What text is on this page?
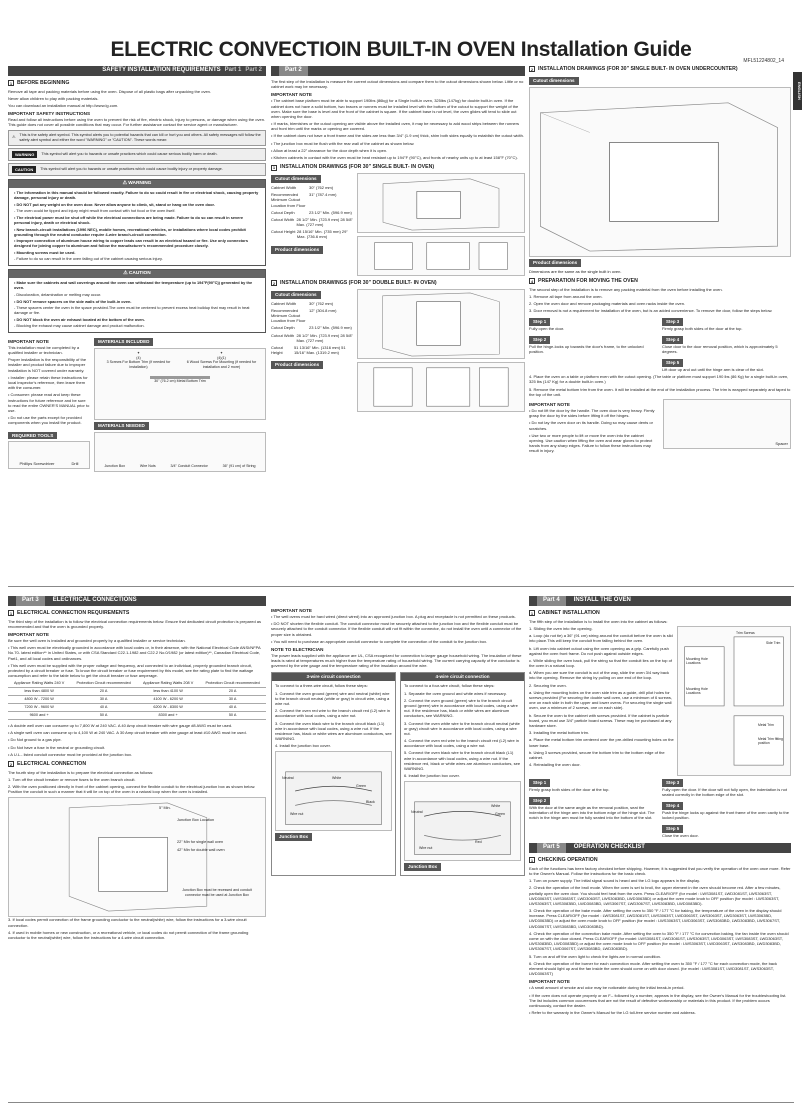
ELECTRIC CONVECTIOIN BUILT-IN OVEN Installation Guide	MFL51224802_14
ENGLISH
SAFETY INSTALLATION REQUIREMENTS Part 1 Part 2
1 BEFORE BEGINNING

Remove all tape and packing materials before using the oven. Dispose of all plastic bags after unpacking the oven.

Never allow children to play with packing materials.

You can download an installation manual at http://www.lg.com.

IMPORTANT SAFETY INSTRUCTIONS

Read and follow all instructions before using the oven to prevent the risk of fire, electric shock, injury to persons, or damage when using the oven. This guide does not cover all possible conditions that may occur. For further assistance contact the service agent or manufacturer.

⚠
This is the safety alert symbol. This symbol alerts you to potential hazards that can kill or hurt you and others. All safety messages will follow the safety alert symbol and either the word "WARNING" or "CAUTION". These words mean:
WARNING	This symbol will alert you to hazards or unsafe practices which could cause serious bodily harm or death.
CAUTION	This symbol will alert you to hazards or unsafe practices which could cause bodily injury or property damage.
⚠ WARNING
• The information in this manual should be followed exactly. Failure to do so could result in fire or electrical shock, causing property damage, personal injury or death.
• DO NOT put any weight on the oven door. Never allow anyone to climb, sit, stand or hang on the oven door.
- The oven could be tipped and injury might result from contact with hot food or the oven itself.
• The electrical power must be shut off while the electrical connections are being made. Failure to do so can result in severe personal injury, death or electrical shock.
• New branch-circuit installations (1996 NEC), mobile homes, recreational vehicles, or installations where local codes prohibit grounding through the neutral conductor require 4-wire branch-circuit connection.
• Improper connection of aluminum house wiring to copper leads can result in an electrical hazard or fire. Use only connectors designed for joining copper to aluminum and follow the manufacturer's recommended procedure closely.
• Mounting screws must be used.
- Failure to do so can result in the oven falling out of the cabinet causing serious injury.
⚠ CAUTION
• Make sure the cabinets and wall coverings around the oven can withstand the temperature (up to 194°F(90°C)) generated by the oven.
- Discoloration, delamination or melting may occur.
• DO NOT remove spacers on the side walls of the built-in oven.
- These spacers center the oven in the space provided.The oven must be centered to prevent excess heat buildup that may result in heat damage or fire.
• DO NOT block the oven air exhaust located at the bottom of the oven.
- Blocking the exhaust may cause cabinet damage and product malfunction.
IMPORTANT NOTE

This installation must be completed by a qualified installer or technician.

Proper installation is the responsibility of the installer and product failure due to improper installation is NOT covered under warranty.

• Installer: please retain these instructions for local inspector's reference, then leave them with the consumer.

• Consumer: please read and keep these instructions for future reference and be sure to read the entire OWNER'S MANUAL prior to use.

• Do not use the parts except for provided components when you install the product.

REQUIRED TOOLS
Phillips Screwdriver	Drill
MATERIALS INCLUDED
✦
(4)
3 Screws For Bottom Trim (if needed for installation)
✦
(4)(1)
6 Wood Screws For Mounting (if needed for installation and 2 more)
30" (76.2 cm) Metal Bottom Trim
MATERIALS NEEDED
Junction Box	Wire Nuts	3/4" Conduit Connector	36" (91 cm) of String
Part 2

The first step of the installation is measure the current cutout dimensions and compare them to the cutout dimensions shown below. Little or no cabinet work may be necessary.

IMPORTANT NOTE

• The cabinet base platform must be able to support 190lbs (86kg) for a Single built-in oven, 325lbs (147kg) for double built-in oven. If the cabinet does not have a solid bottom, two braces or runners must be installed level with the bottom of the cutout to support the weight of the oven. Make sure the base is level and the front of the cabinet is square. If the cabinet base is not level, the oven glides will tend to slide out when opening the door.

• If marks, blemishes or the cutout opening are visible above the installed oven, it may be necessary to add wood strips between the runners and front trim until the marks or opening are covered.

• If the cabinet does not have a front frame and the sides are less than 3/4" (1.9 cm) thick, shim both sides equally to establish the cutout width.

• The junction box must be flush with the rear wall of the cabinet as shown below.

• Allow at least a 22" clearance for the door depth when it is open.

• Kitchen cabinets in contact with the oven must be heat resistant up to 194°F (90°C), and fronts of nearby units up to at least 158°F (70°C).

1 INSTALLATION DRAWINGS (FOR 30" SINGLE BUILT- IN OVEN)
Cutout dimensions
Cabinet Width	30" (762 mm)
Recommended Minimum Cutout Location from Floor
31" (787.4 mm)
Cutout Depth	23 1/2" Min. (596.9 mm)
Cutout Width 28 1/2" Min. (723.9 mm) 28 5/8" Max. (727 mm)
Cutout Height 28 15/16" Min. (735 mm) 29" Max. (736.6 mm)
Product dimensions
2 INSTALLATION DRAWINGS (FOR 30" DOUBLE BUILT- IN OVEN)
Cutout dimensions
Cabinet Width	30" (762 mm)
Recommended Minimum Cutout Location from Floor
12" (304.8 mm)
Cutout Depth	23 1/2" Min. (596.9 mm)
Cutout Width 28 1/2" Min. (723.9 mm) 28 5/8" Max. (727 mm)
Cutout Height
51 13/16" Min. (1316 mm) 51 15/16" Max. (1319.2 mm)
Product dimensions
2 INSTALLATION DRAWINGS (FOR 30" SINGLE BUILT- IN OVEN UNDERCOUNTER)
Cutout dimensions
Product dimensions

Dimensions are the same as the single built in oven.

4 PREPARATION FOR MOVING THE OVEN

The second step of the installation is to remove any packing material from the oven before installing the oven.

1. Remove all tape from around the oven.

2. Open the oven door and remove packaging materials and oven racks inside the oven.

3. Door removal is not a requirement for installation of the oven, but is an added convenience. To remove the door, follow the steps below.

Step 1

Fully open the door.

Step 2

Pull the hinge-locks up towards the door's frame, to the unlocked position.

Step 3

Firmly grasp both sides of the door at the top.

Step 4

Close door to the door removal position, which is approximately 5 degrees.

Step 5

Lift door up and out until the hinge arm is clear of the slot.

4. Place the oven on a table or platform even with the cutout opening. (The table or platform must support 190 lbs (86 Kg) for a single built-in oven, 325 lbs (147 Kg) for a double built-in oven.)

5. Remove the metal bottom trim from the oven. It will be installed at the end of the installation process. The trim is wrapped separately and taped to the top of the unit.

IMPORTANT NOTE

• Do not lift the door by the handle. The oven door is very heavy. Firmly grasp the door by the sides before lifting it off the hinges.

• Do not lay the oven door on its handle. Doing so may cause dents or scratches.

• Use two or more people to lift or move the oven into the cabinet opening. Use caution when lifting the oven and wear gloves to protect hands from any sharp edges. Failure to follow these instructions may result in injury.

Spacer
Part 3	ELECTRICAL CONNECTIONS
1 ELECTRICAL CONNECTION REQUIREMENTS

The third step of the installation is to follow the electrical connection requirements below. Ensure that dedicated circuit protection is prepared as recommended and that the oven is grounded properly.

IMPORTANT NOTE

Be sure the well oven is installed and grounded properly by a qualified installer or service technician.

• This well oven must be electrically grounded in accordance with local codes or, in their absence, with the National Electrical Code ANSI/NFPA No.70- latest edition** in United States, or with CSA Standard C22.1-1982 and C22.2 No.0/1982 (or latest edition)**, Canadian Electrical Code, Part1, and all local codes and ordinances.

• This well oven must be supplied with the proper voltage and frequency, and connected to an individual, properly grounded branch circuit, protected by a circuit breaker or fuse. To know the circuit breaker or fuse requirement by this model, see the rating plate to find the wattage consumption and refer to the table below to get the circuit breaker or fuse amperage.

Appliance Rating Watts 240 V	Protection Circuit recommended	Appliance Rating Watts 208 V	Protection Circuit recommended
less than 4800 W	20 A	less than 4100 W	20 A
4800 W - 7200 W	30 A	4100 W - 6200 W	30 A
7200 W - 9600 W	40 A	6200 W - 8300 W	40 A
9600 and +	50 A	8300 and +	50 A

• A double well oven can consume up to 7,800 W at 240 VAC. A 40 Amp circuit breaker with wire gauge #8 AWG must be used.

• A single well oven can consume up to 4,100 W at 240 VAC. A 30 Amp circuit breaker with wire gauge at least #10 AWG must be used.

• Do Not ground to a gas pipe.

• Do Not have a fuse in the neutral or grounding circuit.

• A U.L.- listed conduit connector must be provided at the junction box.

2 ELECTRICAL CONNECTION

The fourth step of the installation is to prepare the electrical connection as follows:

1. Turn off the circuit breaker or remove fuses to the oven branch circuit.

2. With the oven positioned directly in front of the cabinet opening, connect the flexible conduit to the electrical junction box as shown below. Position the conduit in such a manner that it will lie on top of the oven in a natural loop when the oven is installed.

5" Min.
Junction Box Location
22" Min for single wall oven
42" Min for double wall oven
Junction Box must be recessed and conduit connector must be used at Junction Box

3. If local codes permit connection of the frame grounding conductor to the neutral(white) wire, follow the instructions for a 3-wire circuit connection.

4. If used in mobile homes or new construction, or a recreational vehicle, or local codes do not permit connection of the frame grounding conductor to the neutral(white) wire, follow the instructions for a 4-wire circuit connection.

IMPORTANT NOTE

• The well ovens must be hard wired (direct wired) into an approved junction box. A plug and receptacle is not permitted on these products.

• DO NOT shorten the flexible conduit. The conduit connector must be securely attached to the junction box and the flexible conduit must be securely attached to the conduit connector. If the flexible conduit will not fit within the connector, do not install the oven until a connector of the proper size is obtained.

• You will need to purchase an appropriate conduit connector to complete the connection of the conduit to the junction box.

NOTE TO ELECTRICIAN

The power leads supplied with the appliance are UL, CSA recognized for connection to larger gauge household wiring. The insulation of these leads is rated at temperatures much higher than the temperature rating of household wiring. The current carrying capacity of the conductor is governed by the wire gauge and the temperature rating of the insulation around the wire.

3-wire circuit connection

To connect to a three-wire circuit, follow these steps:

1. Connect the oven ground (green) wire and neutral (white) wire to the branch circuit neutral (white or gray) in circuit wire, using a wire nut.

2. Connect the oven red wire to the branch circuit red (L2) wire in accordance with local codes, using a wire nut.

3. Connect the oven black wire to the branch circuit black (L1) wire in accordance with local codes, using a wire nut. If the residence has, black or white wires are aluminum conductors, see WARNING.

4. Install the junction box cover.

Neutral	White
Green
Black
Wire nut
Junction Box
4-wire circuit connection

To connect to a four-wire circuit, follow these steps:

1. Separate the oven ground and white wires if necessary.

2. Connect the oven ground (green) wire to the branch circuit ground (green) wire in accordance with local codes, using a wire nut. If the residence has, black or white wires are aluminum conductors, see WARNING.

3. Connect the oven white wire to the branch circuit neutral (white or gray) circuit wire in accordance with local codes, using a wire nut.

4. Connect the oven red wire to the branch circuit red (L2) wire in accordance with local codes, using a wire nut.

5. Connect the oven black wire to the branch circuit black (L1) wire in accordance with local codes, using a wire nut. If the residence red, black or white wires are aluminum conductors, see WARNING.

6. Install the junction box cover.

Neutral
White
Green
Red
Wire nut
Junction Box
Part 4	INSTALL THE OVEN
1 CABINET INSTALLATION

The fifth step of the installation is to install the oven into the cabinet as follows:

1. Sliding the oven into the opening.

a. Loop (do not tie) a 36" (91 cm) string around the conduit before the oven is slid into place.This will keep the conduit from falling behind the oven.

b. Lift oven into cabinet cutout using the oven opening as a grip. Carefully push against the oven front frame. Do not push against outside edges.

c. While sliding the oven back, pull the string so that the conduit lies on the top of the oven in a natural loop.

d. When you are sure the conduit is out of the way, slide the oven 3/4 way back into the opening. Remove the string by pulling on one end of the loop.

2. Securing the oven.

a. Using the mounting holes on the oven side trim as a guide, drill pilot holes for screws provided (For securing the double wall oven, use a minimum of 6 screws, one on each side in both the upper and lower ovens. For securing the single wall oven, use a minimum of 2 screws, one on each side).

b. Secure the oven to the cabinet with screws provided. If the cabinet is particle board, you must use 3/4" particle board screws. These may be purchased at any hardware store.

3. Installing the metal bottom trim.

a. Place the metal bottom trim centered over the pre-drilled mounting holes on the lower base.

b. Using 3 screws provided, secure the bottom trim to the bottom edge of the cabinet.

4. Reinstalling the oven door.

Mounting Hole Locations
Mounting Hole Locations
Trim Screws
Side Trim
Metal Trim
Metal Trim fitting position
Step 1

Firmly grasp both sides of the door at the top.

Step 2

With the door at the same angle as the removal position, seat the indentation of the hinge arm into the bottom edge of the hinge slot. The notch in the hinge arm must be fully seated into the bottom of the slot.

Step 3

Fully open the door. If the door will not fully open, the indentation is not seated correctly in the bottom edge of the slot.

Step 4

Push the hinge locks up against the front frame of the oven cavity to the locked position.

Step 5

Close the oven door.

Part 5	OPERATION CHECKLIST
1 CHECKING OPERATION

Each of the functions has been factory checked before shipping. However, it is suggested that you verify the operation of the oven once more. Refer to the Owner's Manual. Follow the instructions for the basic check.

1. Turn on power supply. The initial signal sound is heard and the LG logo appears in the display.

2. Check the operation of the broil mode. When the oven is set to broil, the upper element in the oven should become red. After a few minutes, partially open the oven door. You should feel heat from the oven. Press CLEAR/OFF (for model : LWS3081ST, LWD3081ST, LWS3063ST, LWD3063ST, LWS3083ST, LWD3063ST, LWS3083BD, LWD3063BD) or adjust the oven mode knob to OFF position (for model : LWS3063ST, LWS3063ST, LWS3083BD, LWD3083BD, LWS3067ST, LWD3067ST, LWS3083BD, LWD3083BD).

3. Check the operation of the bake mode. After setting the oven to 350 °F / 177 °C for baking, the temperature of the oven in the display should increase. Press CLEAR/OFF (for model : LWS3081ST, LWD3081ST, LWS3063ST, LWD3063ST, LWS3063ST, LWD3063ST, LWS3063BD, LWD3063BD) or adjust the oven mode knob to OFF position (for model : LWS3063ST, LWD3063ST, LWS3083BD, LWD3083BD, LWS3067ST, LWD3067ST, LWS3083BD, LWD3083BD).

4. Check the operation of the convection bake mode. After setting the oven to 350 °F / 177 °C for convection baking, the fan inside the oven should come on with the door closed. Press CLEAR/OFF (for model: LWS3081ST, LWD3081ST, LWS3063ST, LWD3063ST, LWS3083ST, LWD3063ST, LWS3083BD, LWD3083BD) or adjust the oven mode knob to OFF position (for model : LWS3063ST, LWD3063ST, LWS3083BD, LWD3083BD, LWS3067ST, LWD3067ST, LWS3083BD, LWD3083BD).

5. Turn on and off the oven light to check the lights are in normal condition.

6. Check the operation of the burner for each convection mode. After setting the oven to 350 °F / 177 °C for each convection mode, the back element should light up and the fan inside the oven should come on with door closed. (for model : LWS3081ST, LWD3081ST, LWS3063ST, LWD3063ST)

IMPORTANT NOTE

• A small amount of smoke and odor may be noticeable during the initial break-in period.

• If the oven does not operate properly or an F-- followed by a number, appears in the display, see the Owner's Manual for the troubleshooting list. The list includes common occurrences that are not the result of defective workmanship or materials in this product. If the problem occurs continuously, contact the dealer.

• Refer to the warranty in the Owner's Manual for the LG toll-free service number and address.
